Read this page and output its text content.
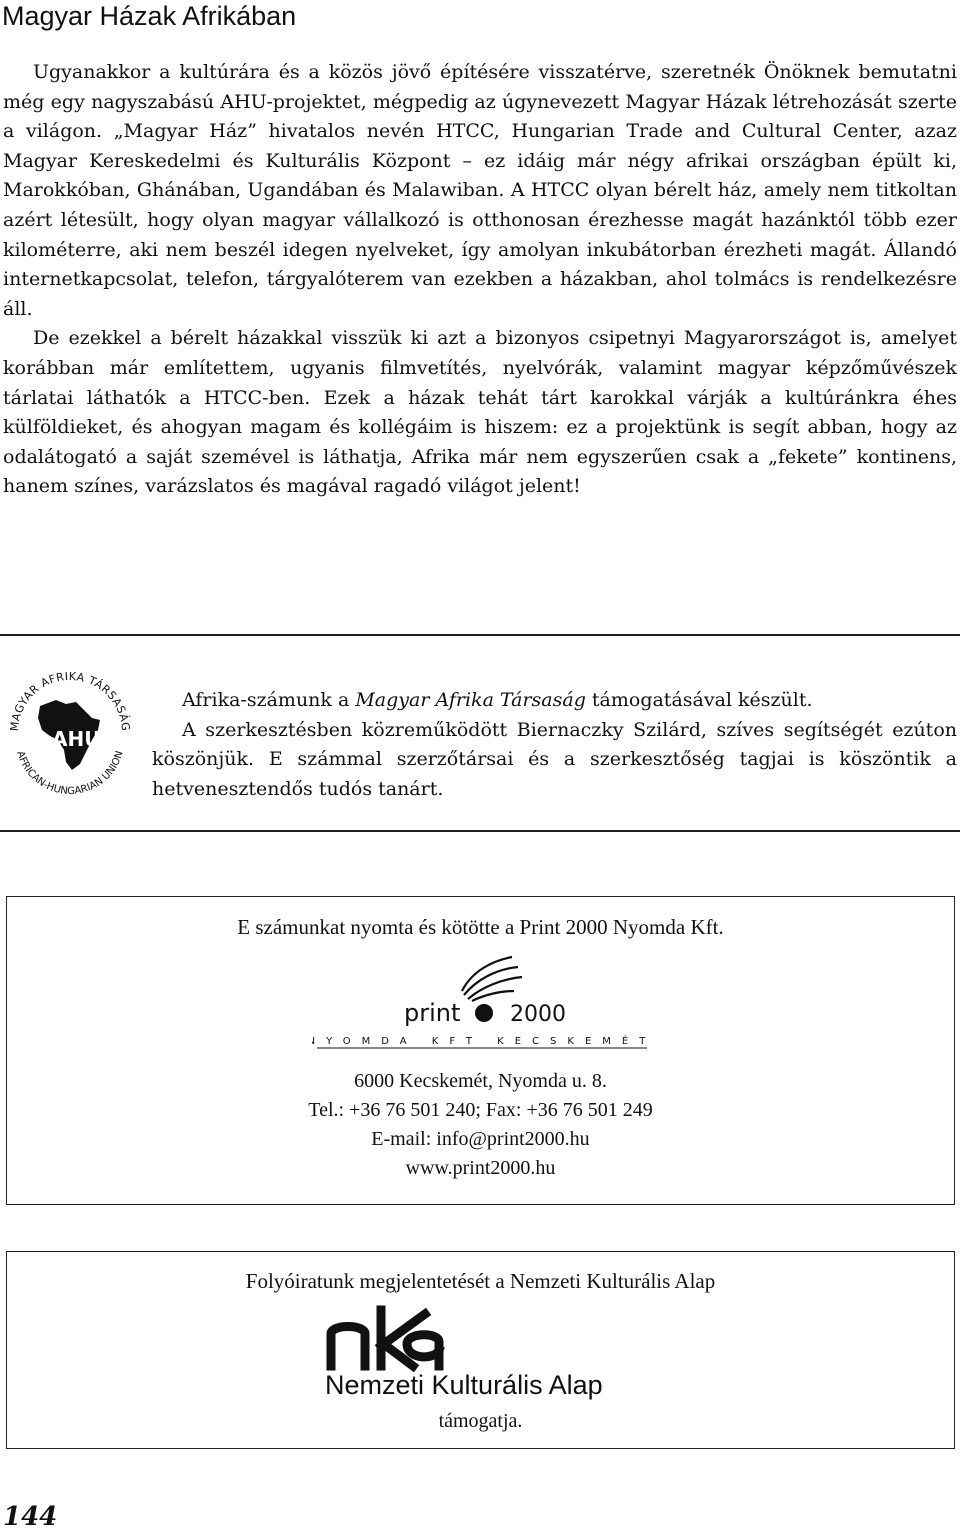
Magyar Házak Afrikában

Ugyanakkor a kultúrára és a közös jövő építésére visszatérve, szeretnék Önöknek bemutatni még egy nagyszabású AHU-projektet, mégpedig az úgynevezett Magyar Házak létrehozását szerte a világon. „Magyar Ház” hivatalos nevén HTCC, Hungarian Trade and Cultural Center, azaz Magyar Kereskedelmi és Kulturális Központ – ez idáig már négy afrikai országban épült ki, Marokkóban, Ghánában, Ugandában és Malawiban. A HTCC olyan bérelt ház, amely nem titkoltan azért létesült, hogy olyan magyar vállalkozó is otthonosan érezhesse magát hazánktól több ezer kilométerre, aki nem beszél idegen nyelveket, így amolyan inkubátorban érezheti magát. Állandó internetkapcsolat, telefon, tárgyalóterem van ezekben a házakban, ahol tolmács is rendelkezésre áll.

De ezekkel a bérelt házakkal visszük ki azt a bizonyos csipetnyi Magyarországot is, amelyet korábban már említettem, ugyanis filmvetítés, nyelvórák, valamint magyar képzőművészek tárlatai láthatók a HTCC-ben. Ezek a házak tehát tárt karokkal várják a kultúránkra éhes külföldieket, és ahogyan magam és kollégáim is hiszem: ez a projektünk is segít abban, hogy az odalátogató a saját szemével is láthatja, Afrika már nem egyszerűen csak a „fekete” kontinens, hanem színes, varázslatos és magával ragadó világot jelent!

MAGYAR AFRIKA TÁRSASÁG
AFRICAN-HUNGARIAN UNION
AHU

Afrika-számunk a Magyar Afrika Társaság támogatásával készült.

A szerkesztésben közreműködött Biernaczky Szilárd, szíves segítségét ezúton köszönjük. E számmal szerzőtársai és a szerkesztőség tagjai is köszöntik a hetvenesztendős tudós tanárt.

E számunkat nyomta és kötötte a Print 2000 Nyomda Kft.
print 2000
NYOMDA KFT KECSKEMÉT
6000 Kecskemét, Nyomda u. 8.
Tel.: +36 76 501 240; Fax: +36 76 501 249
E-mail: info@print2000.hu
www.print2000.hu
Folyóiratunk megjelentetését a Nemzeti Kulturális Alap
Nemzeti Kulturális Alap
támogatja.
144
